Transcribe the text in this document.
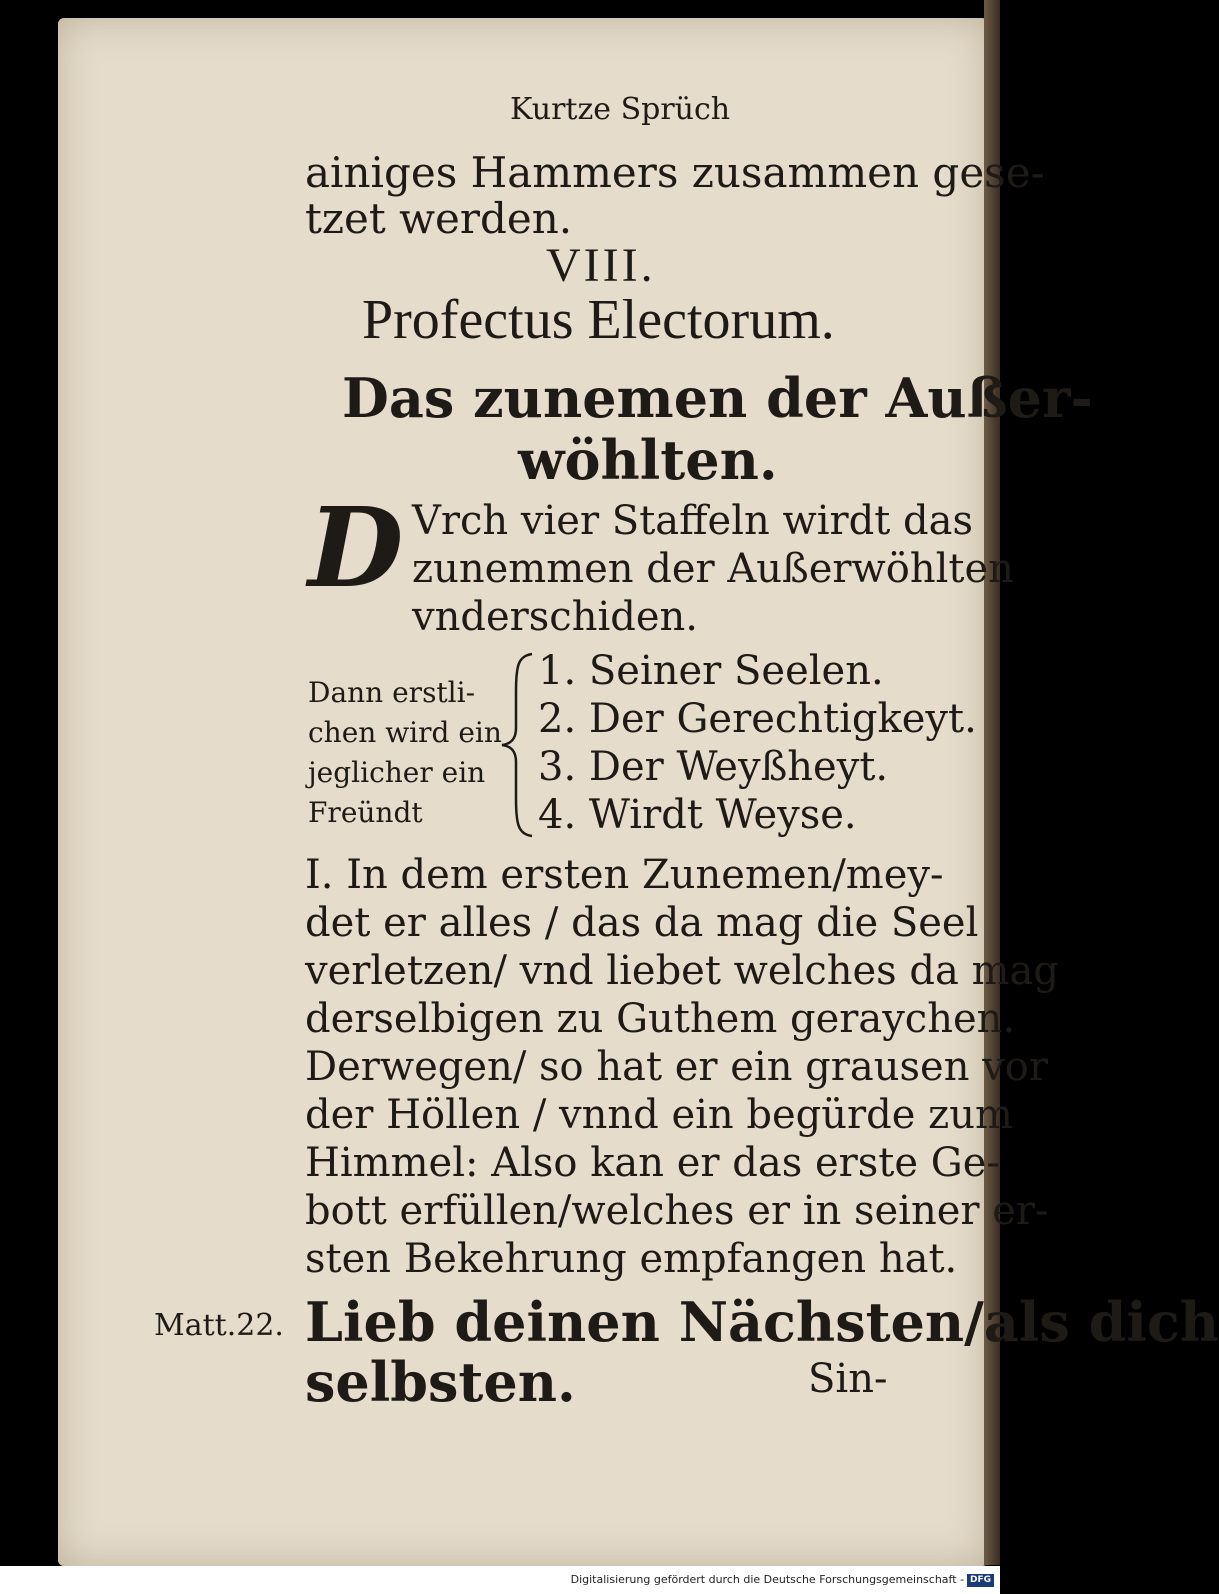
Kurtze Sprüch
ainiges Hammers zusammen gese-
tzet werden.
VIII.
Profectus Electorum.
Das zunemen der Außer-
wöhlten.
D Vrch vier Staffeln wirdt das
zunemmen der Außerwöhlten
vnderschiden.
Dann erstli-
chen wird ein
jeglicher ein
Freündt
1. Seiner Seelen.
2. Der Gerechtigkeyt.
3. Der Weyßheyt.
4. Wirdt Weyse.
I. In dem ersten Zunemen/mey-
det er alles / das da mag die Seel
verletzen/ vnd liebet welches da mag
derselbigen zu Guthem geraychen.
Derwegen/ so hat er ein grausen vor
der Höllen / vnnd ein begürde zum
Himmel: Also kan er das erste Ge-
bott erfüllen/welches er in seiner er-
sten Bekehrung empfangen hat.
Matt.22. Lieb deinen Nächsten/als dich
selbsten.	Sin-
Digitalisierung gefördert durch die Deutsche Forschungsgemeinschaft - DFG
